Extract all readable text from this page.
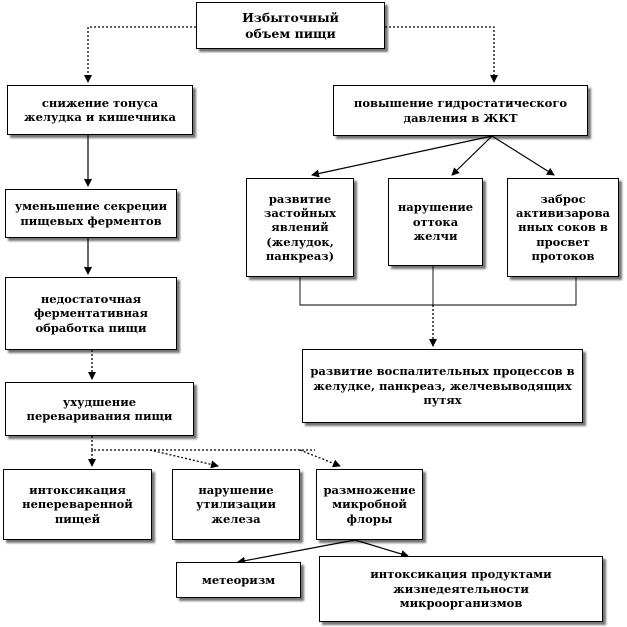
Избыточный
объем пищи
снижение тонуса
желудка и кишечника
повышение гидростатического
давления в ЖКТ
уменьшение секреции
пищевых ферментов
развитие
застойных
явлений
(желудок,
панкреаз)
нарушение
оттока
желчи
заброс
активизарова
нных соков в
просвет
протоков
недостаточная
ферментативная
обработка пищи
развитие воспалительных процессов в
желудке, панкреаз, желчевыводящих
путях
ухудшение
переваривания пищи
интоксикация
непереваренной
пищей
нарушение
утилизации
железа
размножение
микробной
флоры
метеоризм	интоксикация продуктами
жизнедеятельности
микроорганизмов
